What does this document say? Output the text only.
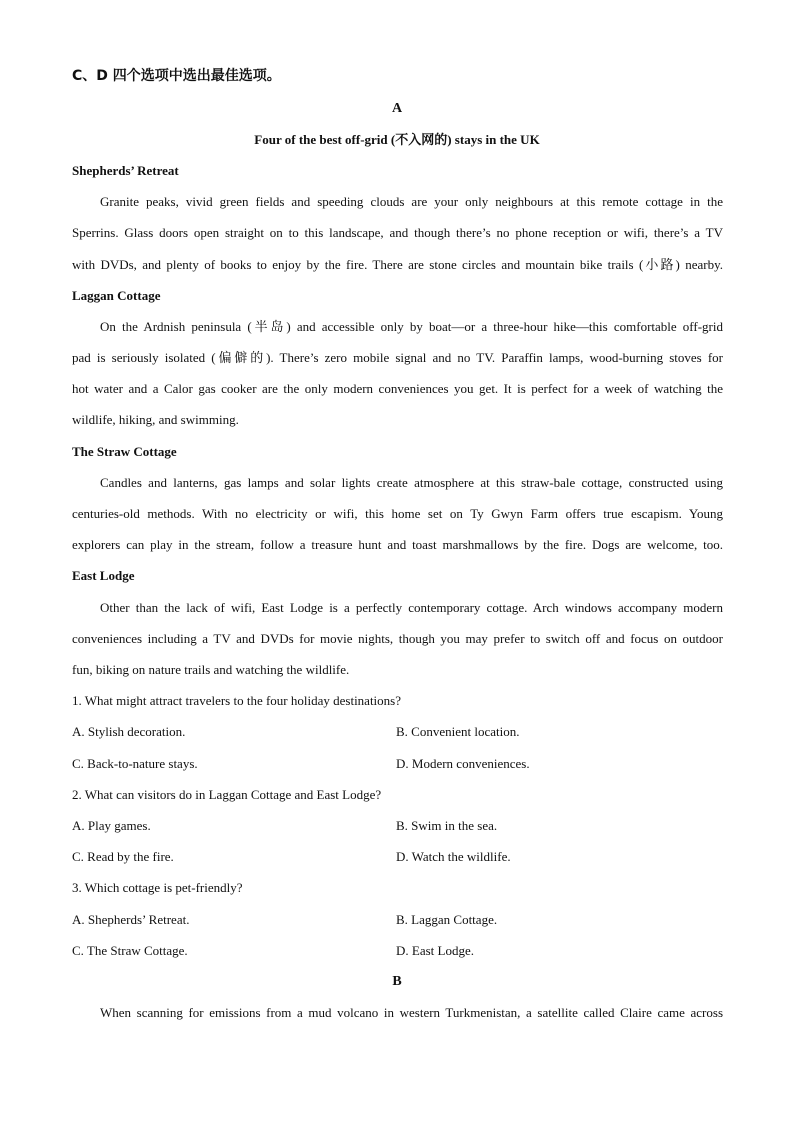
C、D 四个选项中选出最佳选项。
A
Four of the best off-grid (不入网的) stays in the UK
Shepherds’ Retreat
Granite peaks, vivid green fields and speeding clouds are your only neighbours at this remote cottage in the
Sperrins. Glass doors open straight on to this landscape, and though there’s no phone reception or wifi, there’s a TV
with DVDs, and plenty of books to enjoy by the fire. There are stone circles and mountain bike trails (小路) nearby.
Laggan Cottage
On the Ardnish peninsula (半岛) and accessible only by boat—or a three-hour hike—this comfortable off-grid
pad is seriously isolated (偏僻的). There’s zero mobile signal and no TV. Paraffin lamps, wood-burning stoves for
hot water and a Calor gas cooker are the only modern conveniences you get. It is perfect for a week of watching the
wildlife, hiking, and swimming.
The Straw Cottage
Candles and lanterns, gas lamps and solar lights create atmosphere at this straw-bale cottage, constructed using
centuries-old methods. With no electricity or wifi, this home set on Ty Gwyn Farm offers true escapism. Young
explorers can play in the stream, follow a treasure hunt and toast marshmallows by the fire. Dogs are welcome, too.
East Lodge
Other than the lack of wifi, East Lodge is a perfectly contemporary cottage. Arch windows accompany modern
conveniences including a TV and DVDs for movie nights, though you may prefer to switch off and focus on outdoor
fun, biking on nature trails and watching the wildlife.
1. What might attract travelers to the four holiday destinations?
A. Stylish decoration.	B. Convenient location.
C. Back-to-nature stays.	D. Modern conveniences.
2. What can visitors do in Laggan Cottage and East Lodge?
A. Play games.	B. Swim in the sea.
C. Read by the fire.	D. Watch the wildlife.
3. Which cottage is pet-friendly?
A. Shepherds’ Retreat.	B. Laggan Cottage.
C. The Straw Cottage.	D. East Lodge.
B
When scanning for emissions from a mud volcano in western Turkmenistan, a satellite called Claire came across
